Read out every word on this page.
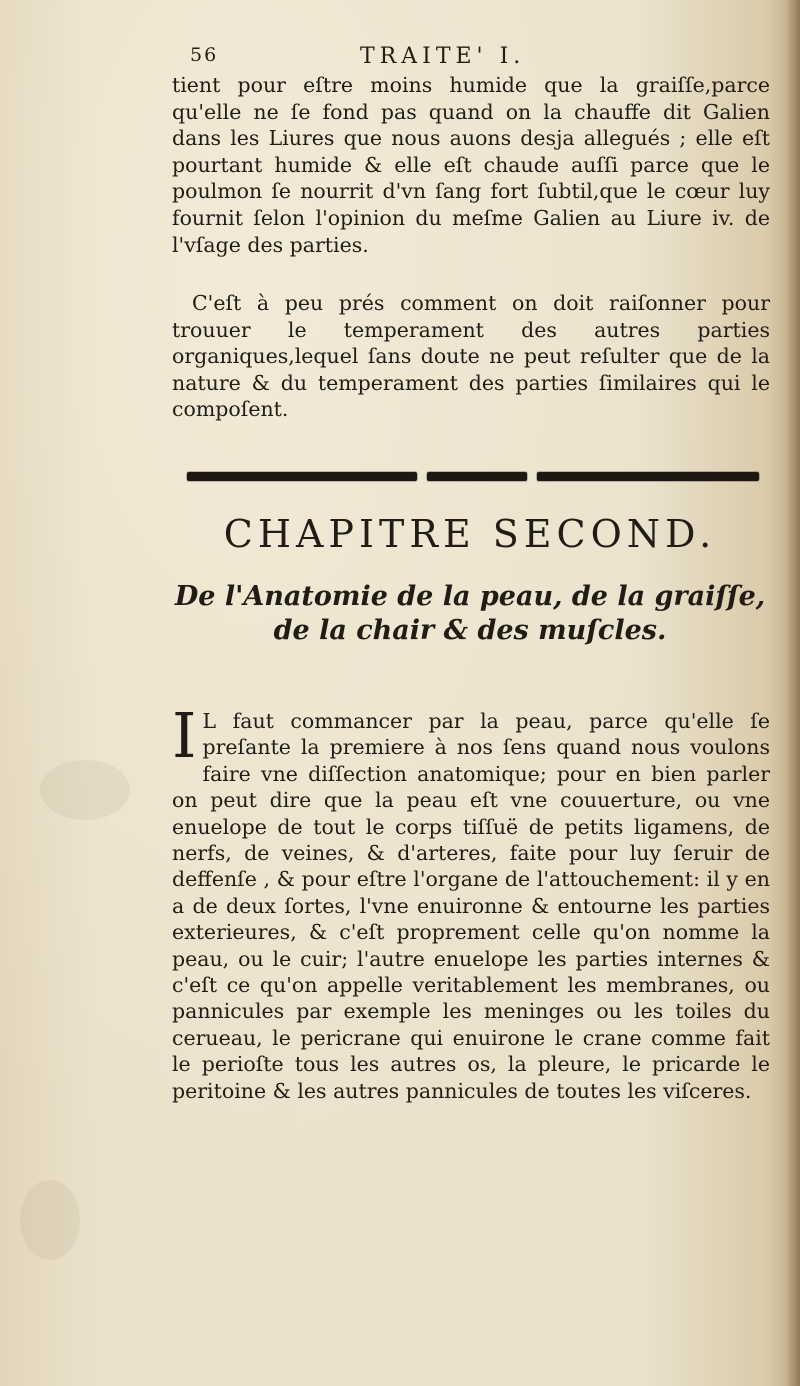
56	TRAITE' I.
tient pour eſtre moins humide que la graiſſe,parce qu'elle ne ſe fond pas quand on la chauffe dit Galien dans les Liures que nous auons desja allegués ; elle eſt pourtant humide & elle eſt chaude auſſi parce que le poulmon ſe nourrit d'vn ſang fort ſubtil,que le cœur luy fournit ſelon l'opinion du meſme Galien au Liure iv. de l'vſage des parties.
C'eſt à peu prés comment on doit raiſonner pour trouuer le temperament des autres parties organiques,lequel ſans doute ne peut reſulter que de la nature & du temperament des parties ſimilaires qui le compoſent.
CHAPITRE SECOND.
De l'Anatomie de la peau, de la graiſſe,
de la chair & des muſcles.
I L faut commancer par la peau, parce qu'elle ſe preſante la premiere à nos ſens quand nous voulons faire vne diſſection anatomique; pour en bien parler on peut dire que la peau eſt vne couuerture, ou vne enuelope de tout le corps tiſſuë de petits ligamens, de nerfs, de veines, & d'arteres, faite pour luy ſeruir de deffenſe , & pour eſtre l'organe de l'attouchement: il y en a de deux ſortes, l'vne enuironne & entourne les parties exterieures, & c'eſt proprement celle qu'on nomme la peau, ou le cuir; l'autre enuelope les parties internes & c'eſt ce qu'on appelle veritablement les membranes, ou pannicules par exemple les meninges ou les toiles du cerueau, le pericrane qui enuirone le crane comme fait le perioſte tous les autres os, la pleure, le pricarde le peritoine & les autres pannicules de toutes les viſceres.
